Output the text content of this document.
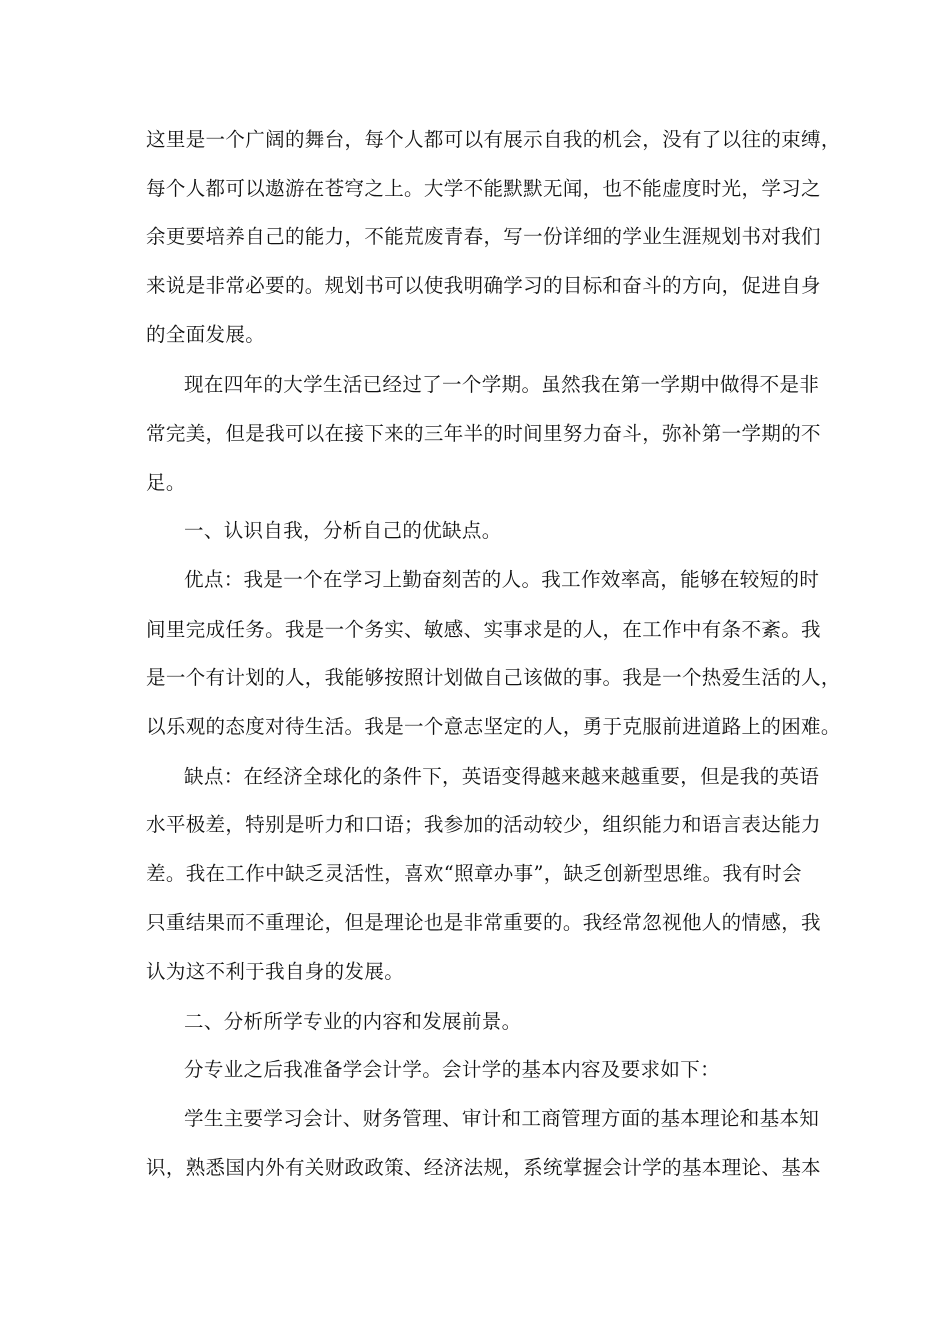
这里是一个广阔的舞台，每个人都可以有展示自我的机会，没有了以往的束缚，
每个人都可以遨游在苍穹之上。大学不能默默无闻，也不能虚度时光，学习之
余更要培养自己的能力，不能荒废青春，写一份详细的学业生涯规划书对我们
来说是非常必要的。规划书可以使我明确学习的目标和奋斗的方向，促进自身
的全面发展。
现在四年的大学生活已经过了一个学期。虽然我在第一学期中做得不是非
常完美，但是我可以在接下来的三年半的时间里努力奋斗，弥补第一学期的不
足。
一、认识自我，分析自己的优缺点。
优点：我是一个在学习上勤奋刻苦的人。我工作效率高，能够在较短的时
间里完成任务。我是一个务实、敏感、实事求是的人，在工作中有条不紊。我
是一个有计划的人，我能够按照计划做自己该做的事。我是一个热爱生活的人，
以乐观的态度对待生活。我是一个意志坚定的人，勇于克服前进道路上的困难。
缺点：在经济全球化的条件下，英语变得越来越来越重要，但是我的英语
水平极差，特别是听力和口语；我参加的活动较少，组织能力和语言表达能力
差。我在工作中缺乏灵活性，喜欢“照章办事”，缺乏创新型思维。我有时会
只重结果而不重理论，但是理论也是非常重要的。我经常忽视他人的情感，我
认为这不利于我自身的发展。
二、分析所学专业的内容和发展前景。
分专业之后我准备学会计学。会计学的基本内容及要求如下：
学生主要学习会计、财务管理、审计和工商管理方面的基本理论和基本知
识，熟悉国内外有关财政政策、经济法规，系统掌握会计学的基本理论、基本
